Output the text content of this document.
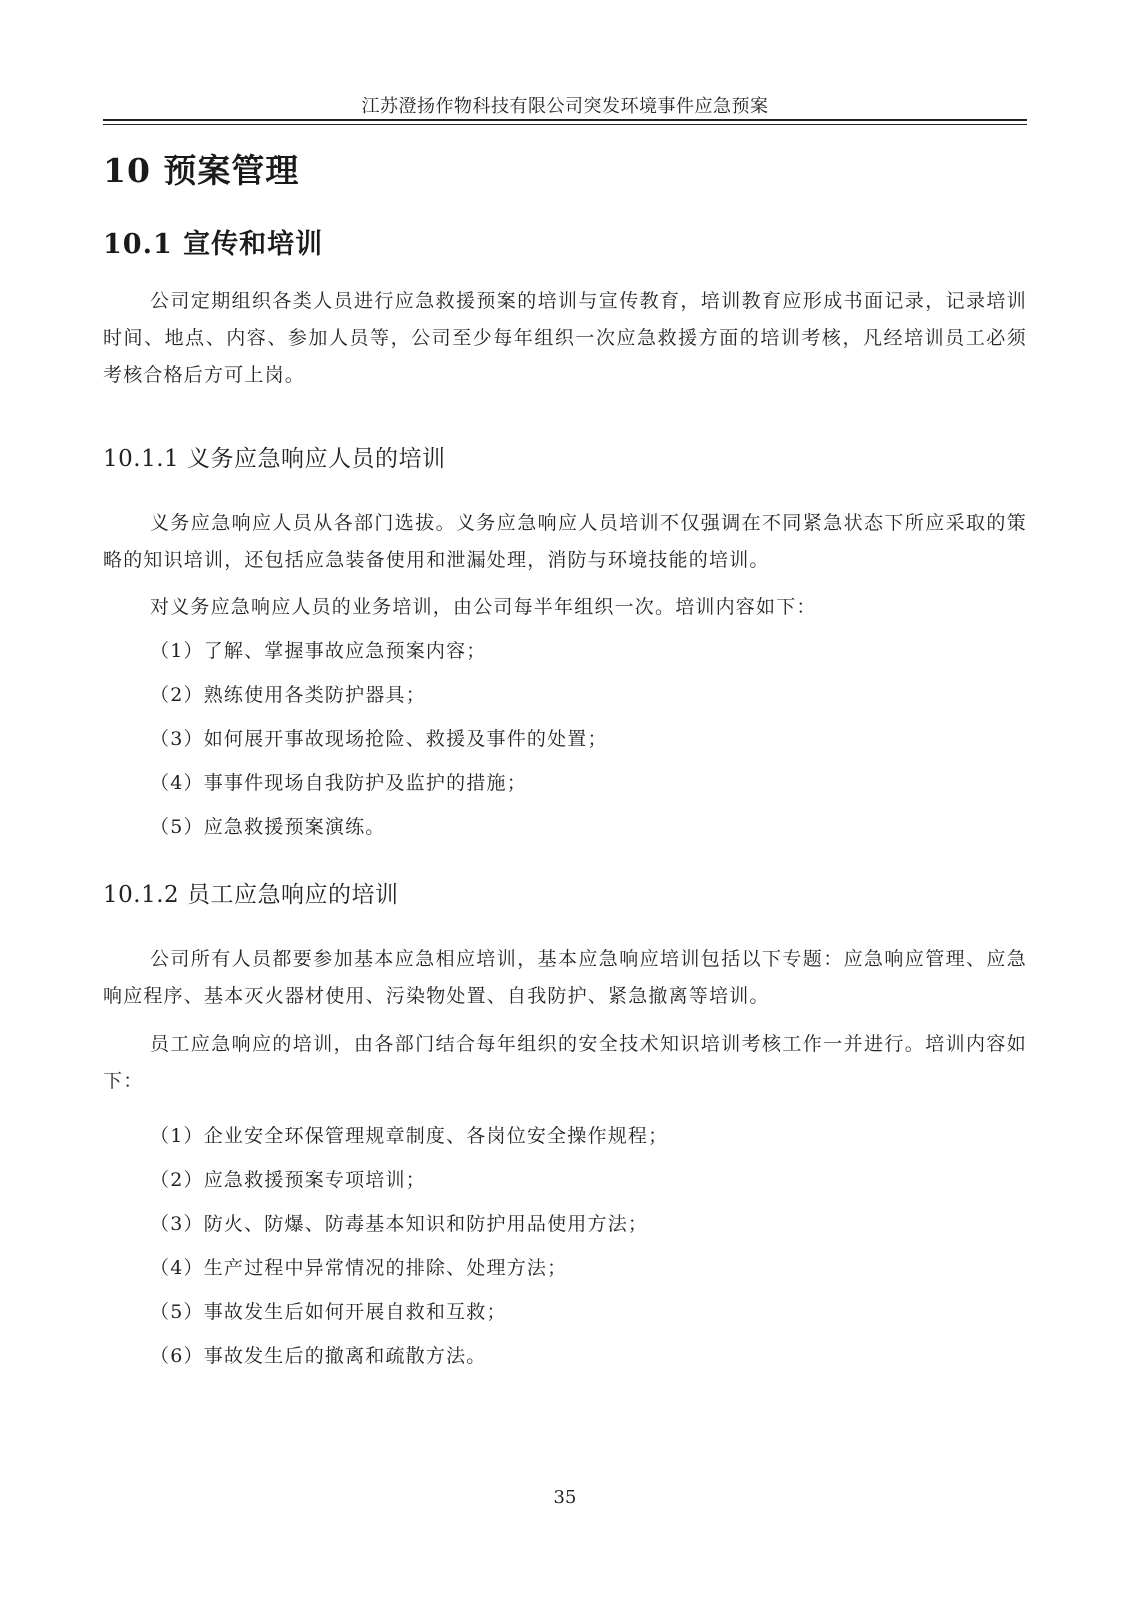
江苏澄扬作物科技有限公司突发环境事件应急预案
10 预案管理
10.1 宣传和培训
公司定期组织各类人员进行应急救援预案的培训与宣传教育，培训教育应形成书面记录，记录培训时间、地点、内容、参加人员等，公司至少每年组织一次应急救援方面的培训考核，凡经培训员工必须考核合格后方可上岗。
10.1.1 义务应急响应人员的培训
义务应急响应人员从各部门选拔。义务应急响应人员培训不仅强调在不同紧急状态下所应采取的策略的知识培训，还包括应急装备使用和泄漏处理，消防与环境技能的培训。
对义务应急响应人员的业务培训，由公司每半年组织一次。培训内容如下：
（1）了解、掌握事故应急预案内容；
（2）熟练使用各类防护器具；
（3）如何展开事故现场抢险、救援及事件的处置；
（4）事事件现场自我防护及监护的措施；
（5）应急救援预案演练。
10.1.2 员工应急响应的培训
公司所有人员都要参加基本应急相应培训，基本应急响应培训包括以下专题：应急响应管理、应急响应程序、基本灭火器材使用、污染物处置、自我防护、紧急撤离等培训。
员工应急响应的培训，由各部门结合每年组织的安全技术知识培训考核工作一并进行。培训内容如下：
（1）企业安全环保管理规章制度、各岗位安全操作规程；
（2）应急救援预案专项培训；
（3）防火、防爆、防毒基本知识和防护用品使用方法；
（4）生产过程中异常情况的排除、处理方法；
（5）事故发生后如何开展自救和互救；
（6）事故发生后的撤离和疏散方法。
35
